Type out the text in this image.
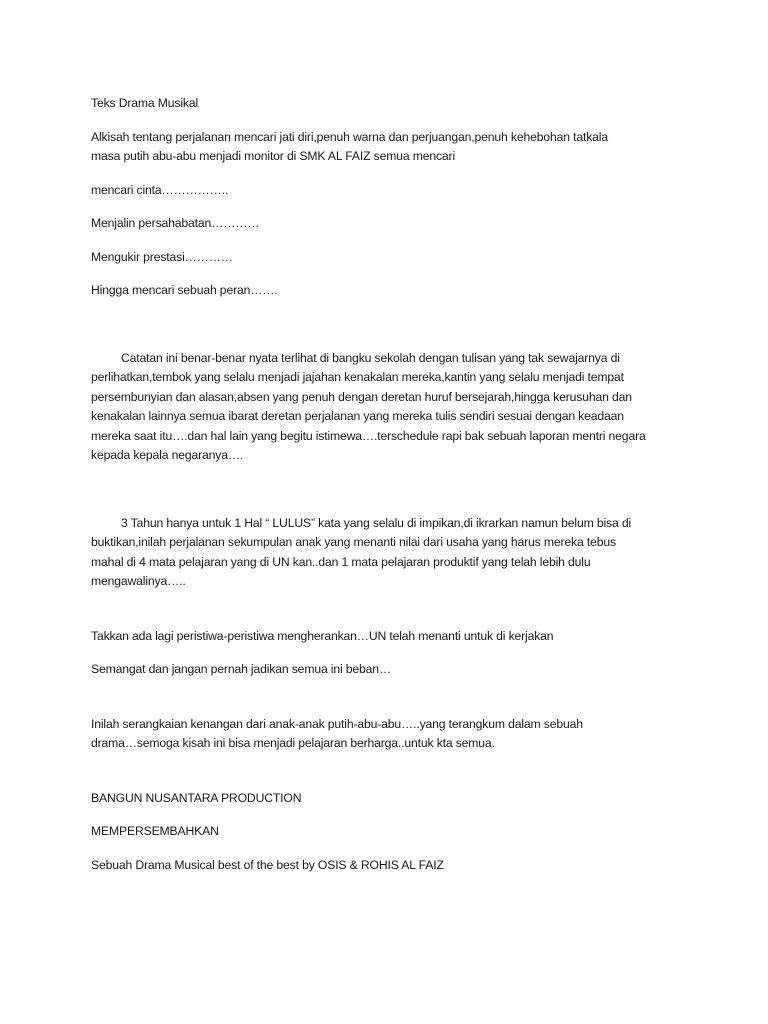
Teks Drama Musikal

Alkisah tentang perjalanan mencari jati diri,penuh warna dan perjuangan,penuh kehebohan tatkala
masa putih abu-abu menjadi monitor di SMK AL FAIZ semua mencari

mencari cinta……………..

Menjalin persahabatan…………

Mengukir prestasi…………

Hingga mencari sebuah peran…….

Catatan ini benar-benar nyata terlihat di bangku sekolah dengan tulisan yang tak sewajarnya di
perlihatkan,tembok yang selalu menjadi jajahan kenakalan mereka,kantin yang selalu menjadi tempat
persembunyian dan alasan,absen yang penuh dengan deretan huruf bersejarah,hingga kerusuhan dan
kenakalan lainnya semua ibarat deretan perjalanan yang mereka tulis sendiri sesuai dengan keadaan
mereka saat itu….dan hal lain yang begitu istimewa….terschedule rapi bak sebuah laporan mentri negara
kepada kepala negaranya….

3 Tahun hanya untuk 1 Hal “ LULUS” kata yang selalu di impikan,di ikrarkan namun belum bisa di
buktikan,inilah perjalanan sekumpulan anak yang menanti nilai dari usaha yang harus mereka tebus
mahal di 4 mata pelajaran yang di UN kan..dan 1 mata pelajaran produktif yang telah lebih dulu
mengawalinya…..

Takkan ada lagi peristiwa-peristiwa mengherankan…UN telah menanti untuk di kerjakan

Semangat dan jangan pernah jadikan semua ini beban…

Inilah serangkaian kenangan dari anak-anak putih-abu-abu…..yang terangkum dalam sebuah
drama…semoga kisah ini bisa menjadi pelajaran berharga..untuk kta semua.

BANGUN NUSANTARA PRODUCTION

MEMPERSEMBAHKAN

Sebuah Drama Musical best of the best by OSIS & ROHIS AL FAIZ
